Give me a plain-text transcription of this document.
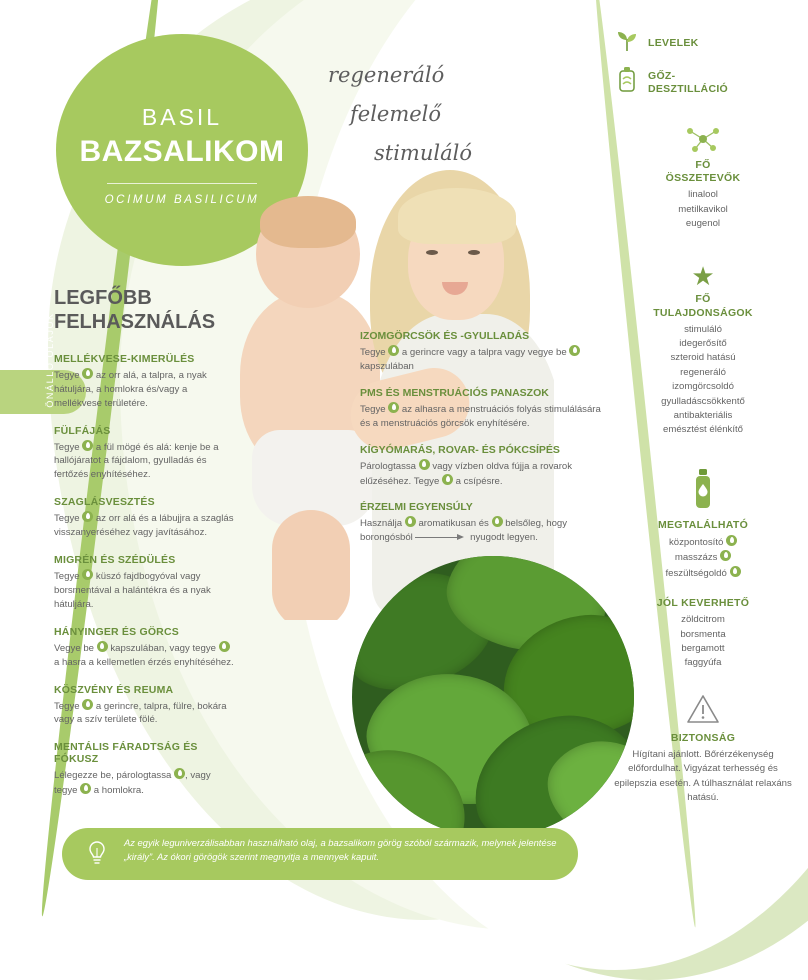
ÖNÁLLÓ OLAJOK
BASIL
BAZSALIKOM
OCIMUM BASILICUM
regeneráló
felemelő
stimuláló
LEGFŐBB
FELHASZNÁLÁS
MELLÉKVESE-KIMERÜLÉS
Tegye  az orr alá, a talpra, a nyak hátuljára, a homlokra és/vagy a mellékvese területére.
FÜLFÁJÁS
Tegye  a fül mögé és alá: kenje be a hallójáratot a fájdalom, gyulladás és fertőzés enyhítéséhez.
SZAGLÁSVESZTÉS
Tegye  az orr alá és a lábujjra a szaglás visszanyeréséhez vagy javításához.
MIGRÉN ÉS SZÉDÜLÉS
Tegye  küszó fajdbogyóval vagy borsmentával a halántékra és a nyak hátuljára.
HÁNYINGER ÉS GÖRCS
Vegye be  kapszulában, vagy tegye  a hasra a kellemetlen érzés enyhítéséhez.
KÖSZVÉNY ÉS REUMA
Tegye  a gerincre, talpra, fülre, bokára vagy a szív területe fölé.
MENTÁLIS FÁRADTSÁG ÉS FÓKUSZ
Lélegezze be, párologtassa , vagy tegye  a homlokra.
IZOMGÖRCSÖK ÉS -GYULLADÁS
Tegye  a gerincre vagy a talpra vagy vegye be  kapszulában
PMS ÉS MENSTRUÁCIÓS PANASZOK
Tegye  az alhasra a menstruációs folyás stimulálására és a menstruációs görcsök enyhítésére.
KÍGYÓMARÁS, ROVAR- ÉS PÓKCSÍPÉS
Párologtassa  vagy vízben oldva fújja a rovarok elűzéséhez. Tegye  a csípésre.
ÉRZELMI EGYENSÚLY
Használja  aromatikusan és  belsőleg, hogy
borongósból	nyugodt legyen.
LEVELEK
GŐZ-
DESZTILLÁCIÓ
FŐ
ÖSSZETEVŐK
linalool
metilkavikol
eugenol
★
FŐ
TULAJDONSÁGOK
stimuláló
idegerősítő
szteroid hatású
regeneráló
izomgörcsoldó
gyulladáscsökkentő
antibakteriális
emésztést élénkítő
MEGTALÁLHATÓ
központosító
masszázs
feszültségoldó
JÓL KEVERHETŐ
zöldcitrom
borsmenta
bergamott
faggyúfa
BIZTONSÁG
Hígítani ajánlott. Bőrérzékenység előfordulhat. Vigyázat terhesség és epilepszia esetén. A túlhasználat relaxáns hatású.
Az egyik leguniverzálisabban használható olaj, a bazsalikom görög szóból származik, melynek jelentése „király”. Az ókori görögök szerint megnyitja a mennyek kapuit.
